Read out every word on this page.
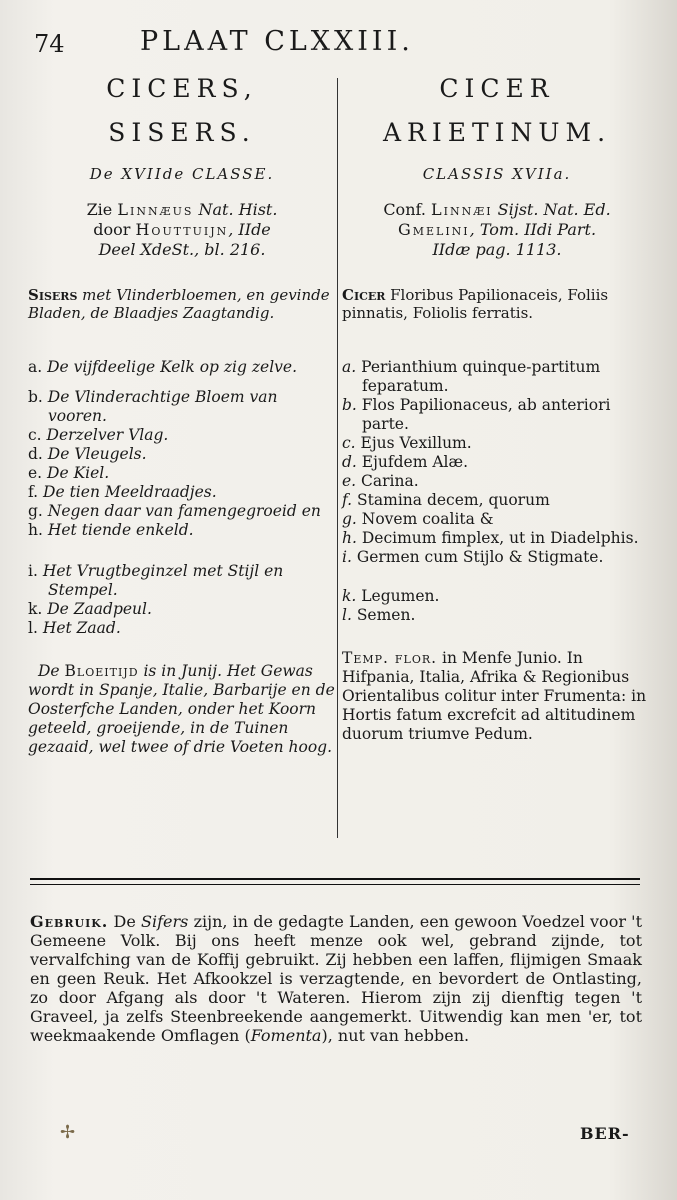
74	PLAAT CLXXIII.
CICERS,
SISERS.
De XVIIde CLASSE.
Zie Linnæus Nat. Hist.
door Houttuijn, IIde
Deel XdeSt., bl. 216.
Sisers met Vlinderbloemen, en gevinde Bladen, de Blaadjes Zaagtandig.
a. De vijfdeelige Kelk op zig zelve.
b. De Vlinderachtige Bloem van vooren.
c. Derzelver Vlag.
d. De Vleugels.
e. De Kiel.
f. De tien Meeldraadjes.
g. Negen daar van famengegroeid en
h. Het tiende enkeld.
i. Het Vrugtbeginzel met Stijl en Stempel.
k. De Zaadpeul.
l. Het Zaad.
De Bloeitijd is in Junij. Het Gewas wordt in Spanje, Italie, Barbarije en de Oosterfche Landen, onder het Koorn geteeld, groeijende, in de Tuinen gezaaid, wel twee of drie Voeten hoog.
CICER
ARIETINUM.
CLASSIS XVIIa.
Conf. Linnæi Sijst. Nat. Ed.
Gmelini, Tom. IIdi Part.
IIdæ pag. 1113.
Cicer Floribus Papilionaceis, Foliis pinnatis, Foliolis ferratis.
a. Perianthium quinque-partitum feparatum.
b. Flos Papilionaceus, ab anteriori parte.
c. Ejus Vexillum.
d. Ejufdem Alæ.
e. Carina.
f. Stamina decem, quorum
g. Novem coalita &
h. Decimum fimplex, ut in Diadelphis.
i. Germen cum Stijlo & Stigmate.
k. Legumen.
l. Semen.
Temp. flor. in Menfe Junio. In Hifpania, Italia, Afrika & Regionibus Orientalibus colitur inter Frumenta: in Hortis fatum excrefcit ad altitudinem duorum triumve Pedum.
Gebruik. De Sifers zijn, in de gedagte Landen, een gewoon Voedzel voor 't Gemeene Volk. Bij ons heeft menze ook wel, gebrand zijnde, tot vervalfching van de Koffij gebruikt. Zij hebben een laffen, flijmigen Smaak en geen Reuk. Het Afkookzel is verzagtende, en bevordert de Ontlasting, zo door Afgang als door 't Wateren. Hierom zijn zij dienftig tegen 't Graveel, ja zelfs Steenbreekende aangemerkt. Uitwendig kan men 'er, tot weekmaakende Omflagen (Fomenta), nut van hebben.
✢	BER-
